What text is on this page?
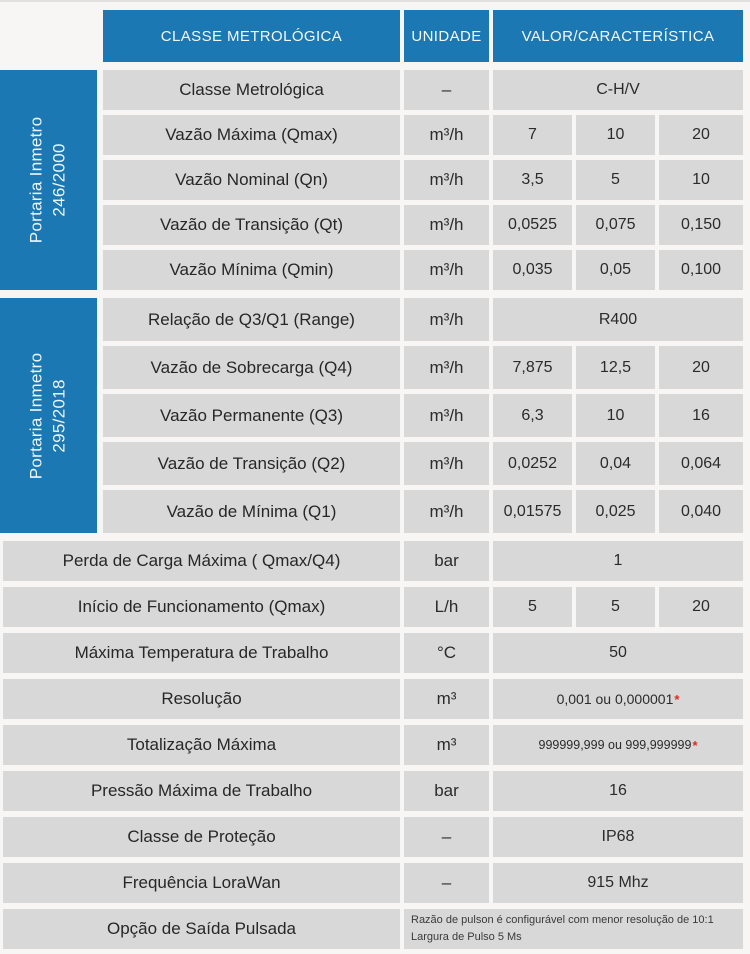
CLASSE METROLÓGICA	UNIDADE	VALOR/CARACTERÍSTICA
Portaria Inmetro 246/2000
Classe Metrológica	–	C-H/V
Vazão Máxima (Qmax)	m³/h	7	10	20
Vazão Nominal (Qn)	m³/h	3,5	5	10
Vazão de Transição (Qt)	m³/h	0,0525	0,075	0,150
Vazão Mínima (Qmin)	m³/h	0,035	0,05	0,100
Portaria Inmetro 295/2018
Relação de Q3/Q1 (Range)	m³/h	R400
Vazão de Sobrecarga (Q4)	m³/h	7,875	12,5	20
Vazão Permanente (Q3)	m³/h	6,3	10	16
Vazão de Transição (Q2)	m³/h	0,0252	0,04	0,064
Vazão de Mínima (Q1)	m³/h	0,01575	0,025	0,040
Perda de Carga Máxima ( Qmax/Q4)	bar	1
Início de Funcionamento (Qmax)	L/h	5	5	20
Máxima Temperatura de Trabalho	°C	50
Resolução	m³	0,001 ou 0,000001 *
Totalização Máxima	m³	999999,999 ou 999,999999 *
Pressão Máxima de Trabalho	bar	16
Classe de Proteção	–	IP68
Frequência LoraWan	–	915 Mhz
Opção de Saída Pulsada	Razão de pulson é configurável com menor resolução de 10:1
Largura de Pulso 5 Ms
